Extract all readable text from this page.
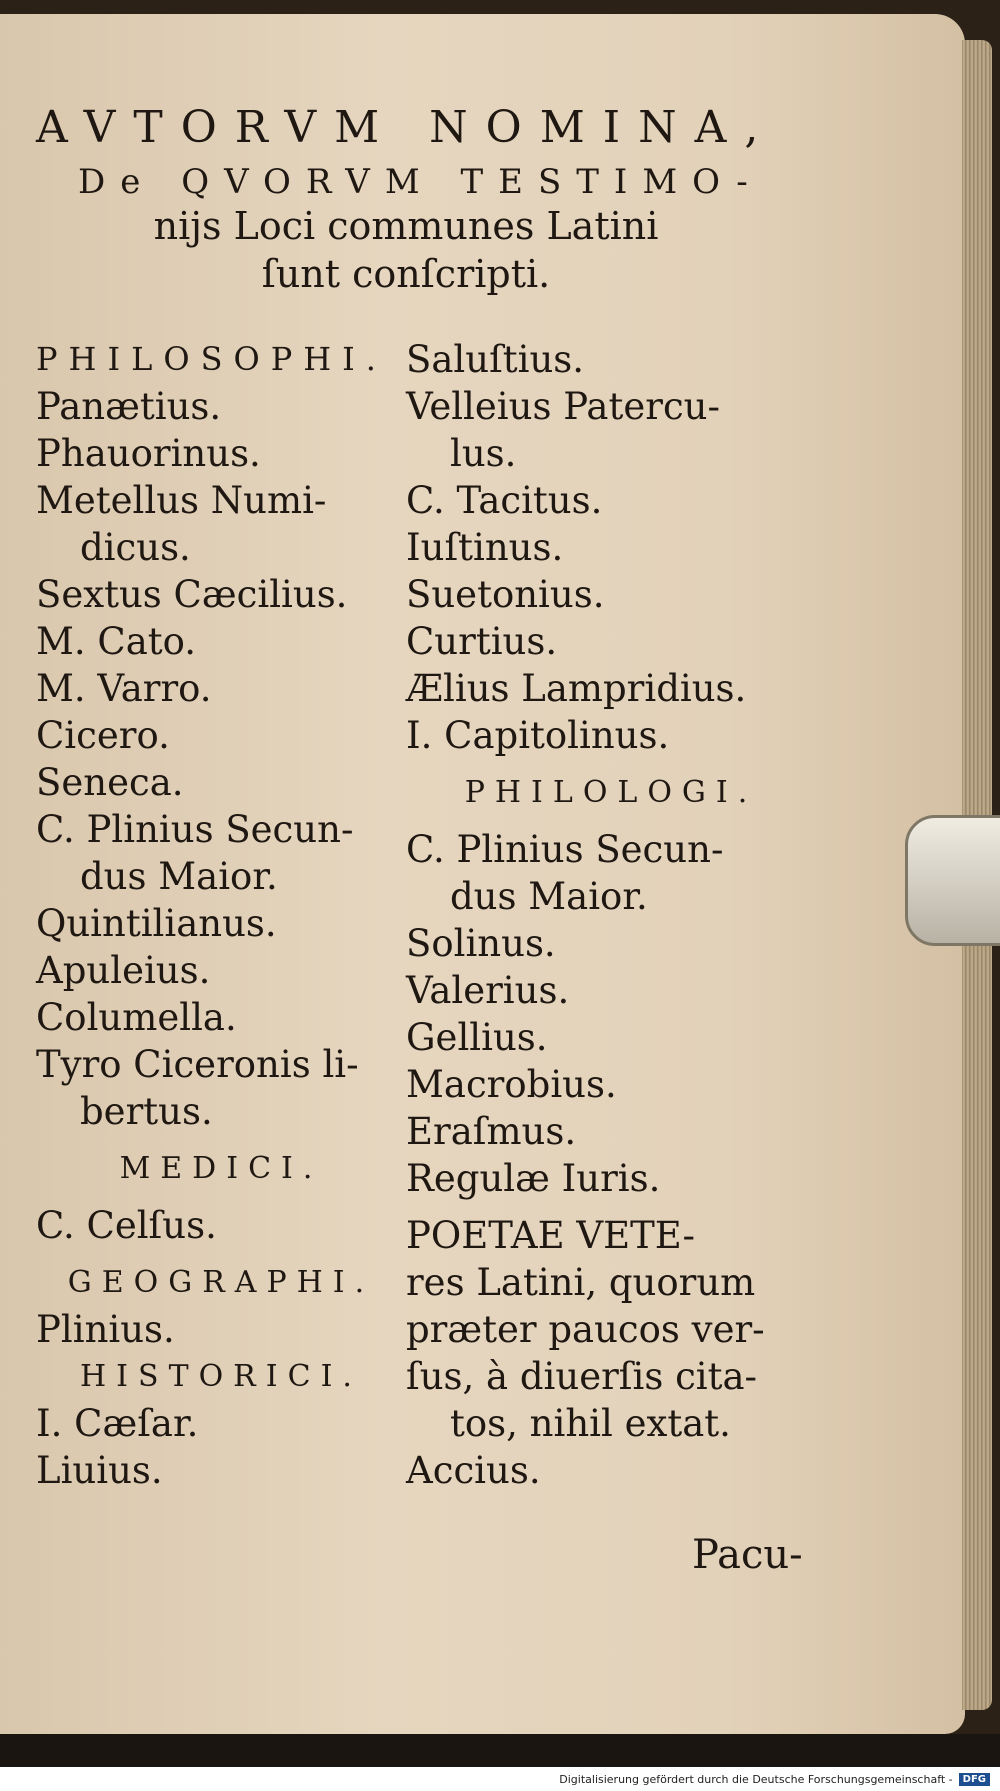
AVTORVM NOMINA,
De QVORVM TESTIMO-
nijs Loci communes Latini
ſunt conſcripti.
PHILOSOPHI.
Panætius.
Phauorinus.
Metellus Numi-
dicus.
Sextus Cæcilius.
M. Cato.
M. Varro.
Cicero.
Seneca.
C. Plinius Secun-
dus Maior.
Quintilianus.
Apuleius.
Columella.
Tyro Ciceronis li-
bertus.
MEDICI.
C. Celſus.
GEOGRAPHI.
Plinius.
HISTORICI.
I. Cæſar.
Liuius.
Saluſtius.
Velleius Patercu-
lus.
C. Tacitus.
Iuſtinus.
Suetonius.
Curtius.
Ælius Lampridius.
I. Capitolinus.
PHILOLOGI.
C. Plinius Secun-
dus Maior.
Solinus.
Valerius.
Gellius.
Macrobius.
Eraſmus.
Regulæ Iuris.
POETAE VETE-
res Latini, quorum
præter paucos ver-
ſus, à diuerſis cita-
tos, nihil extat.
Accius.
Pacu-
Digitalisierung gefördert durch die Deutsche Forschungsgemeinschaft -	DFG
